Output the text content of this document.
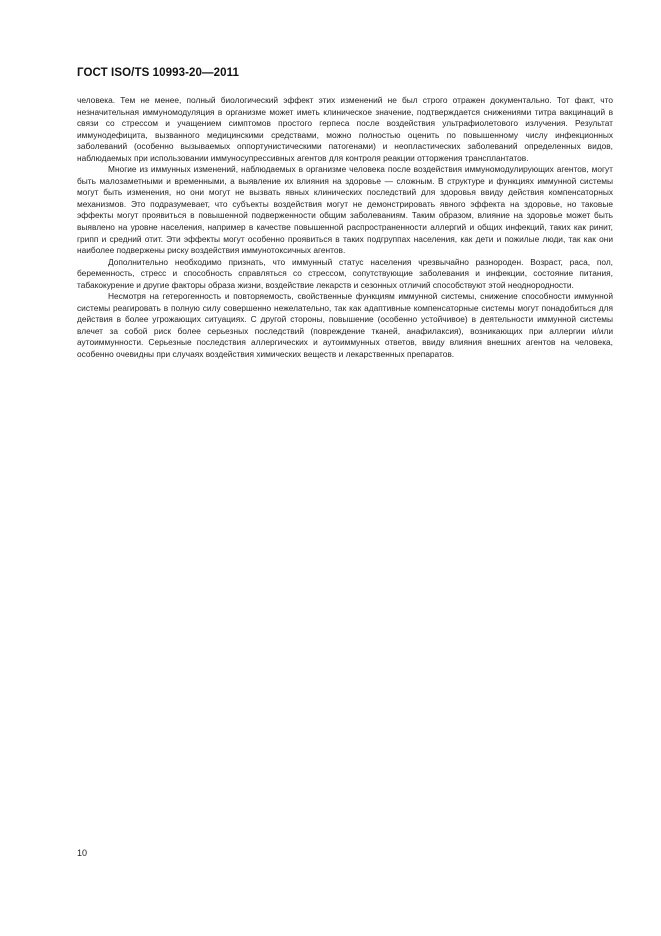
ГОСТ ISO/TS 10993-20—2011

человека. Тем не менее, полный биологический эффект этих изменений не был строго отражен документально. Тот факт, что незначительная иммуномодуляция в организме может иметь клиническое значение, подтверждается снижениями титра вакцинаций в связи со стрессом и учащением симптомов простого герпеса после воздействия ультрафиолетового излучения. Результат иммунодефицита, вызванного медицинскими средствами, можно полностью оценить по повышенному числу инфекционных заболеваний (особенно вызываемых оппортунистическими патогенами) и неопластических заболеваний определенных видов, наблюдаемых при использовании иммуносупрессивных агентов для контроля реакции отторжения трансплантатов.

Многие из иммунных изменений, наблюдаемых в организме человека после воздействия иммуномодулирующих агентов, могут быть малозаметными и временными, а выявление их влияния на здоровье — сложным. В структуре и функциях иммунной системы могут быть изменения, но они могут не вызвать явных клинических последствий для здоровья ввиду действия компенсаторных механизмов. Это подразумевает, что субъекты воздействия могут не демонстрировать явного эффекта на здоровье, но таковые эффекты могут проявиться в повышенной подверженности общим заболеваниям. Таким образом, влияние на здоровье может быть выявлено на уровне населения, например в качестве повышенной распространенности аллергий и общих инфекций, таких как ринит, грипп и средний отит. Эти эффекты могут особенно проявиться в таких подгруппах населения, как дети и пожилые люди, так как они наиболее подвержены риску воздействия иммунотоксичных агентов.

Дополнительно необходимо признать, что иммунный статус населения чрезвычайно разнороден. Возраст, раса, пол, беременность, стресс и способность справляться со стрессом, сопутствующие заболевания и инфекции, состояние питания, табакокурение и другие факторы образа жизни, воздействие лекарств и сезонных отличий способствуют этой неоднородности.

Несмотря на гетерогенность и повторяемость, свойственные функциям иммунной системы, снижение способности иммунной системы реагировать в полную силу совершенно нежелательно, так как адаптивные компенсаторные системы могут понадобиться для действия в более угрожающих ситуациях. С другой стороны, повышение (особенно устойчивое) в деятельности иммунной системы влечет за собой риск более серьезных последствий (повреждение тканей, анафилаксия), возникающих при аллергии и/или аутоиммунности. Серьезные последствия аллергических и аутоиммунных ответов, ввиду влияния внешних агентов на человека, особенно очевидны при случаях воздействия химических веществ и лекарственных препаратов.

10
